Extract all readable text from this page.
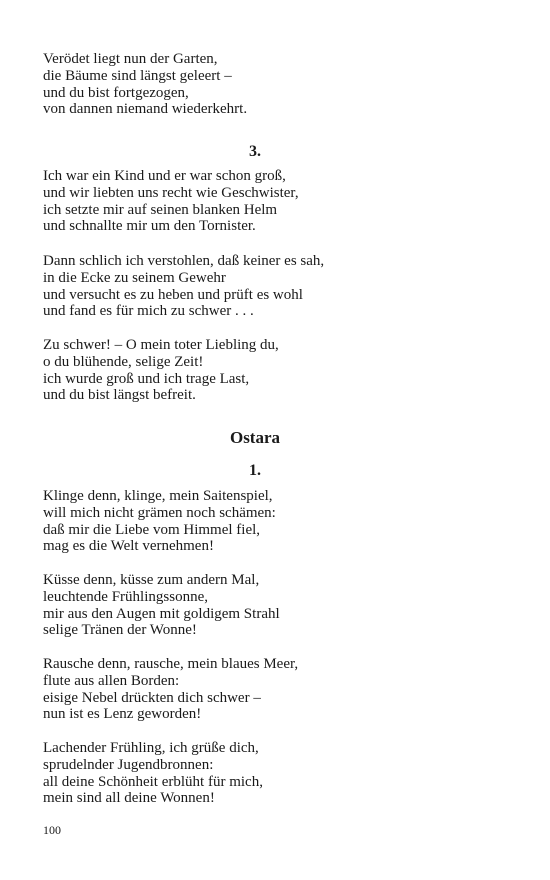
Verödet liegt nun der Garten,
die Bäume sind längst geleert –
und du bist fortgezogen,
von dannen niemand wiederkehrt.
3.
Ich war ein Kind und er war schon groß,
und wir liebten uns recht wie Geschwister,
ich setzte mir auf seinen blanken Helm
und schnallte mir um den Tornister.
Dann schlich ich verstohlen, daß keiner es sah,
in die Ecke zu seinem Gewehr
und versucht es zu heben und prüft es wohl
und fand es für mich zu schwer . . .
Zu schwer! – O mein toter Liebling du,
o du blühende, selige Zeit!
ich wurde groß und ich trage Last,
und du bist längst befreit.
Ostara
1.
Klinge denn, klinge, mein Saitenspiel,
will mich nicht grämen noch schämen:
daß mir die Liebe vom Himmel fiel,
mag es die Welt vernehmen!
Küsse denn, küsse zum andern Mal,
leuchtende Frühlingssonne,
mir aus den Augen mit goldigem Strahl
selige Tränen der Wonne!
Rausche denn, rausche, mein blaues Meer,
flute aus allen Borden:
eisige Nebel drückten dich schwer –
nun ist es Lenz geworden!
Lachender Frühling, ich grüße dich,
sprudelnder Jugendbronnen:
all deine Schönheit erblüht für mich,
mein sind all deine Wonnen!
100
